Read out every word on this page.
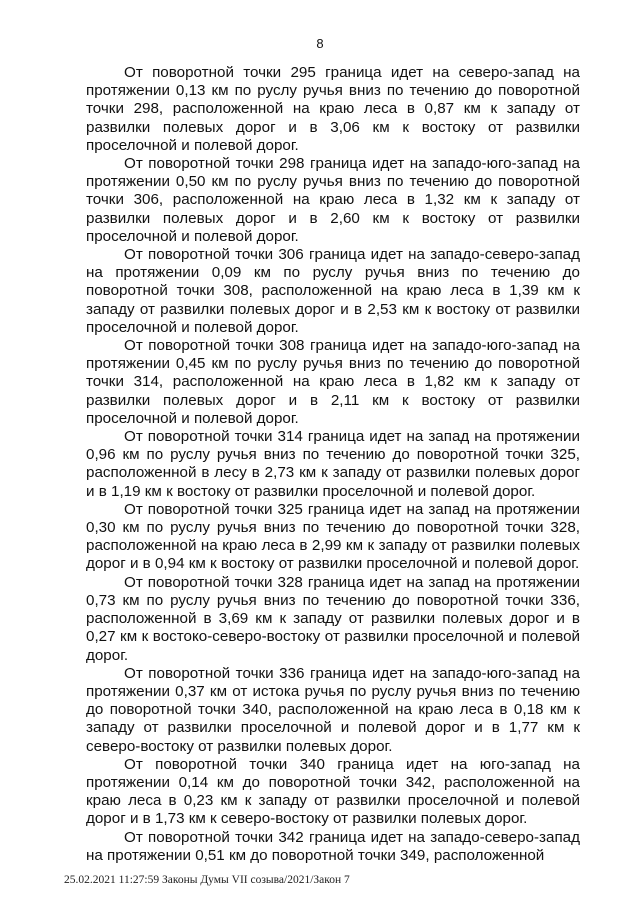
8

От поворотной точки 295 граница идет на северо-запад на протяжении 0,13 км по руслу ручья вниз по течению до поворотной точки 298, расположенной на краю леса в 0,87 км к западу от развилки полевых дорог и в 3,06 км к востоку от развилки проселочной и полевой дорог.

От поворотной точки 298 граница идет на западо-юго-запад на протяжении 0,50 км по руслу ручья вниз по течению до поворотной точки 306, расположенной на краю леса в 1,32 км к западу от развилки полевых дорог и в 2,60 км к востоку от развилки проселочной и полевой дорог.

От поворотной точки 306 граница идет на западо-северо-запад на протяжении 0,09 км по руслу ручья вниз по течению до поворотной точки 308, расположенной на краю леса в 1,39 км к западу от развилки полевых дорог и в 2,53 км к востоку от развилки проселочной и полевой дорог.

От поворотной точки 308 граница идет на западо-юго-запад на протяжении 0,45 км по руслу ручья вниз по течению до поворотной точки 314, расположенной на краю леса в 1,82 км к западу от развилки полевых дорог и в 2,11 км к востоку от развилки проселочной и полевой дорог.

От поворотной точки 314 граница идет на запад на протяжении 0,96 км по руслу ручья вниз по течению до поворотной точки 325, расположенной в лесу в 2,73 км к западу от развилки полевых дорог и в 1,19 км к востоку от развилки проселочной и полевой дорог.

От поворотной точки 325 граница идет на запад на протяжении 0,30 км по руслу ручья вниз по течению до поворотной точки 328, расположенной на краю леса в 2,99 км к западу от развилки полевых дорог и в 0,94 км к востоку от развилки проселочной и полевой дорог.

От поворотной точки 328 граница идет на запад на протяжении 0,73 км по руслу ручья вниз по течению до поворотной точки 336, расположенной в 3,69 км к западу от развилки полевых дорог и в 0,27 км к востоко-северо-востоку от развилки проселочной и полевой дорог.

От поворотной точки 336 граница идет на западо-юго-запад на протяжении 0,37 км от истока ручья по руслу ручья вниз по течению до поворотной точки 340, расположенной на краю леса в 0,18 км к западу от развилки проселочной и полевой дорог и в 1,77 км к северо-востоку от развилки полевых дорог.

От поворотной точки 340 граница идет на юго-запад на протяжении 0,14 км до поворотной точки 342, расположенной на краю леса в 0,23 км к западу от развилки проселочной и полевой дорог и в 1,73 км к северо-востоку от развилки полевых дорог.

От поворотной точки 342 граница идет на западо-северо-запад на протяжении 0,51 км до поворотной точки 349, расположенной

25.02.2021 11:27:59 Законы Думы VII созыва/2021/Закон 7
